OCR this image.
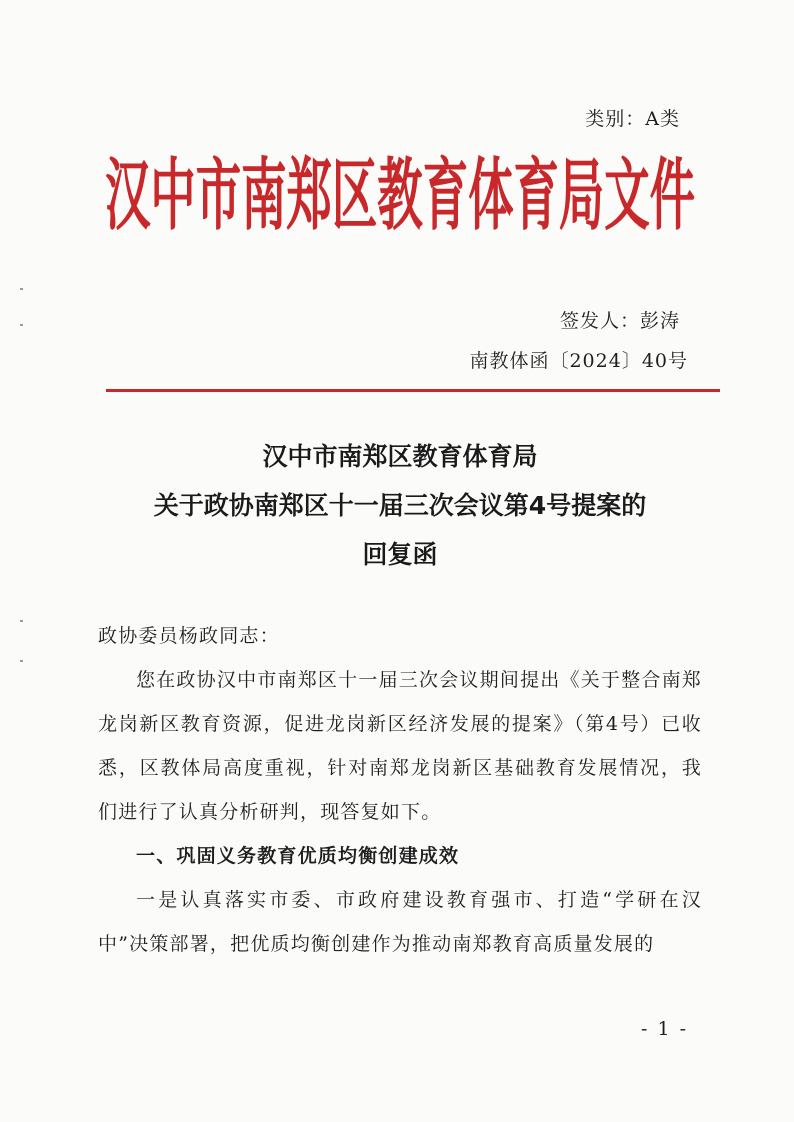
类别：A类
汉中市南郑区教育体育局文件
签发人：彭涛
南教体函〔2024〕40号
汉中市南郑区教育体育局
关于政协南郑区十一届三次会议第4号提案的
回复函

政协委员杨政同志：

您在政协汉中市南郑区十一届三次会议期间提出《关于整合南郑龙岗新区教育资源，促进龙岗新区经济发展的提案》（第4号）已收悉，区教体局高度重视，针对南郑龙岗新区基础教育发展情况，我们进行了认真分析研判，现答复如下。

一、巩固义务教育优质均衡创建成效

一是认真落实市委、市政府建设教育强市、打造“学研在汉中”决策部署，把优质均衡创建作为推动南郑教育高质量发展的

- 1 -
